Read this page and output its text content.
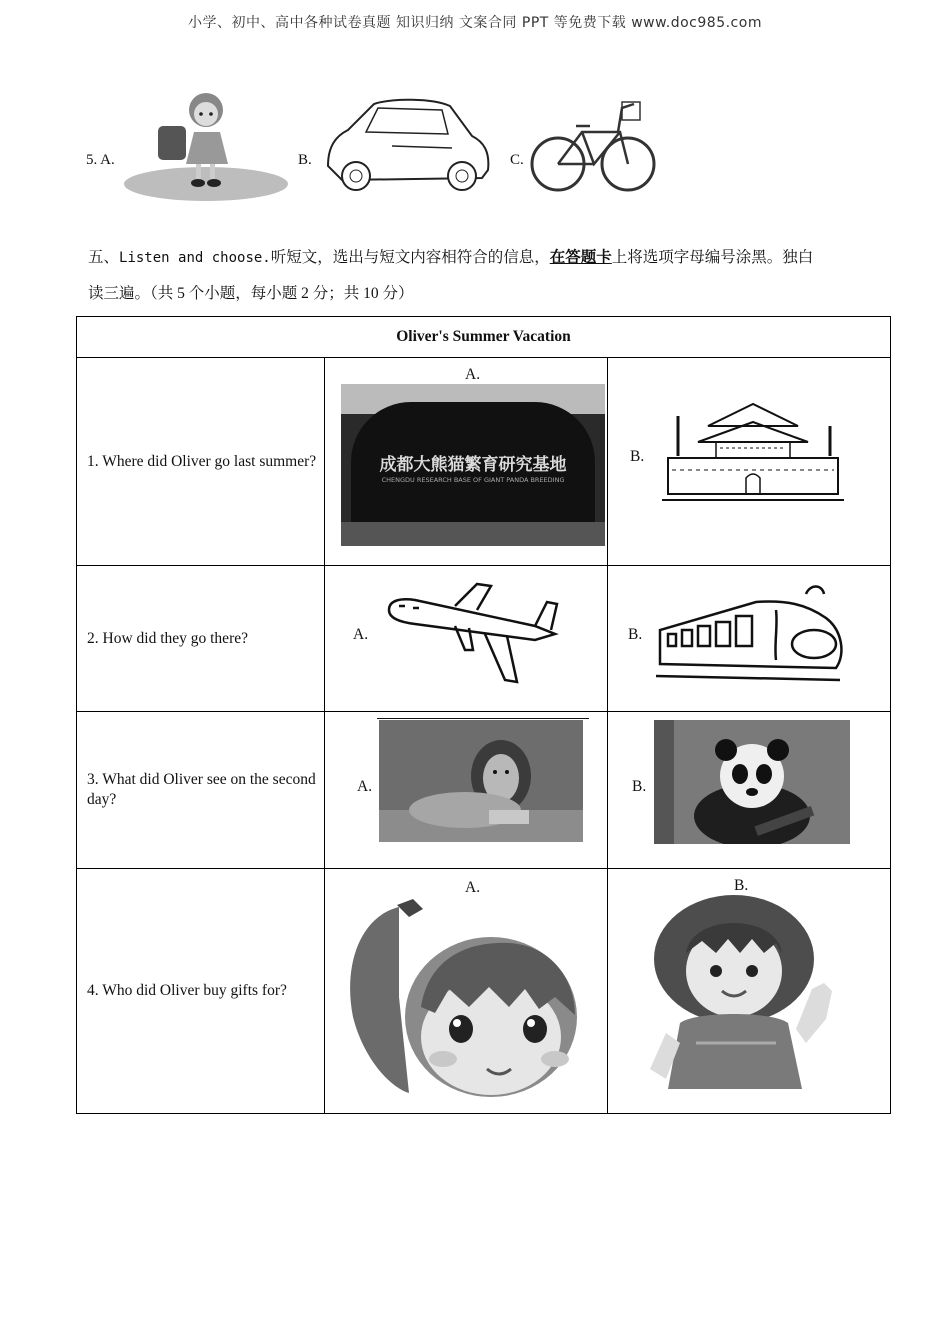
小学、初中、高中各种试卷真题 知识归纳 文案合同 PPT 等免费下载 www.doc985.com
5. A.	B.	C.
五、Listen and choose.听短文，选出与短文内容相符合的信息，在答题卡上将选项字母编号涂黑。独白
读三遍。（共 5 个小题，每小题 2 分；共 10 分）
Oliver's Summer Vacation		
1. Where did Oliver go last summer?	A.
成都大熊猫繁育研究基地
CHENGDU RESEARCH BASE OF GIANT PANDA BREEDING	B.

2. How did they go there?	A.	B.

3. What did Oliver see on the second day?	A.	B.

4. Who did Oliver buy gifts for?	A.	B.
